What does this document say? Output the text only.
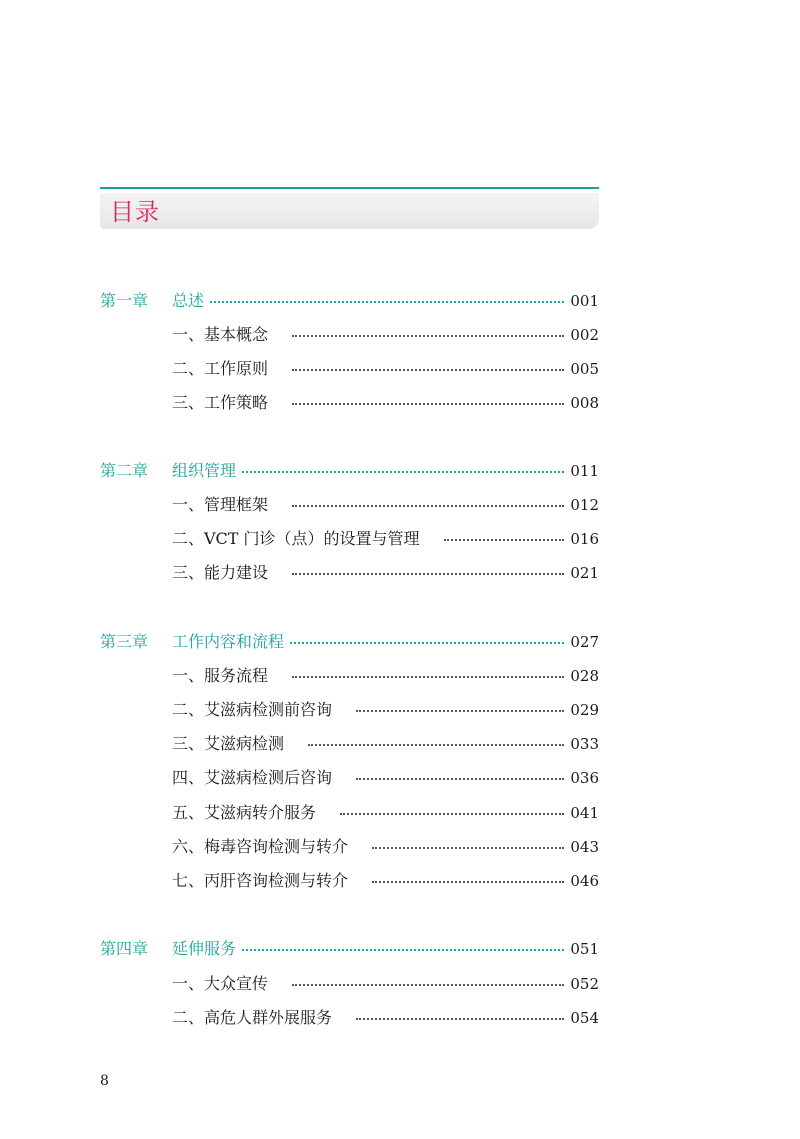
目录
第一章	总述	001
一、基本概念	002
二、工作原则	005
三、工作策略	008
第二章	组织管理	011
一、管理框架	012
二、VCT 门诊（点）的设置与管理	016
三、能力建设	021
第三章	工作内容和流程	027
一、服务流程	028
二、艾滋病检测前咨询	029
三、艾滋病检测	033
四、艾滋病检测后咨询	036
五、艾滋病转介服务	041
六、梅毒咨询检测与转介	043
七、丙肝咨询检测与转介	046
第四章	延伸服务	051
一、大众宣传	052
二、高危人群外展服务	054
8
